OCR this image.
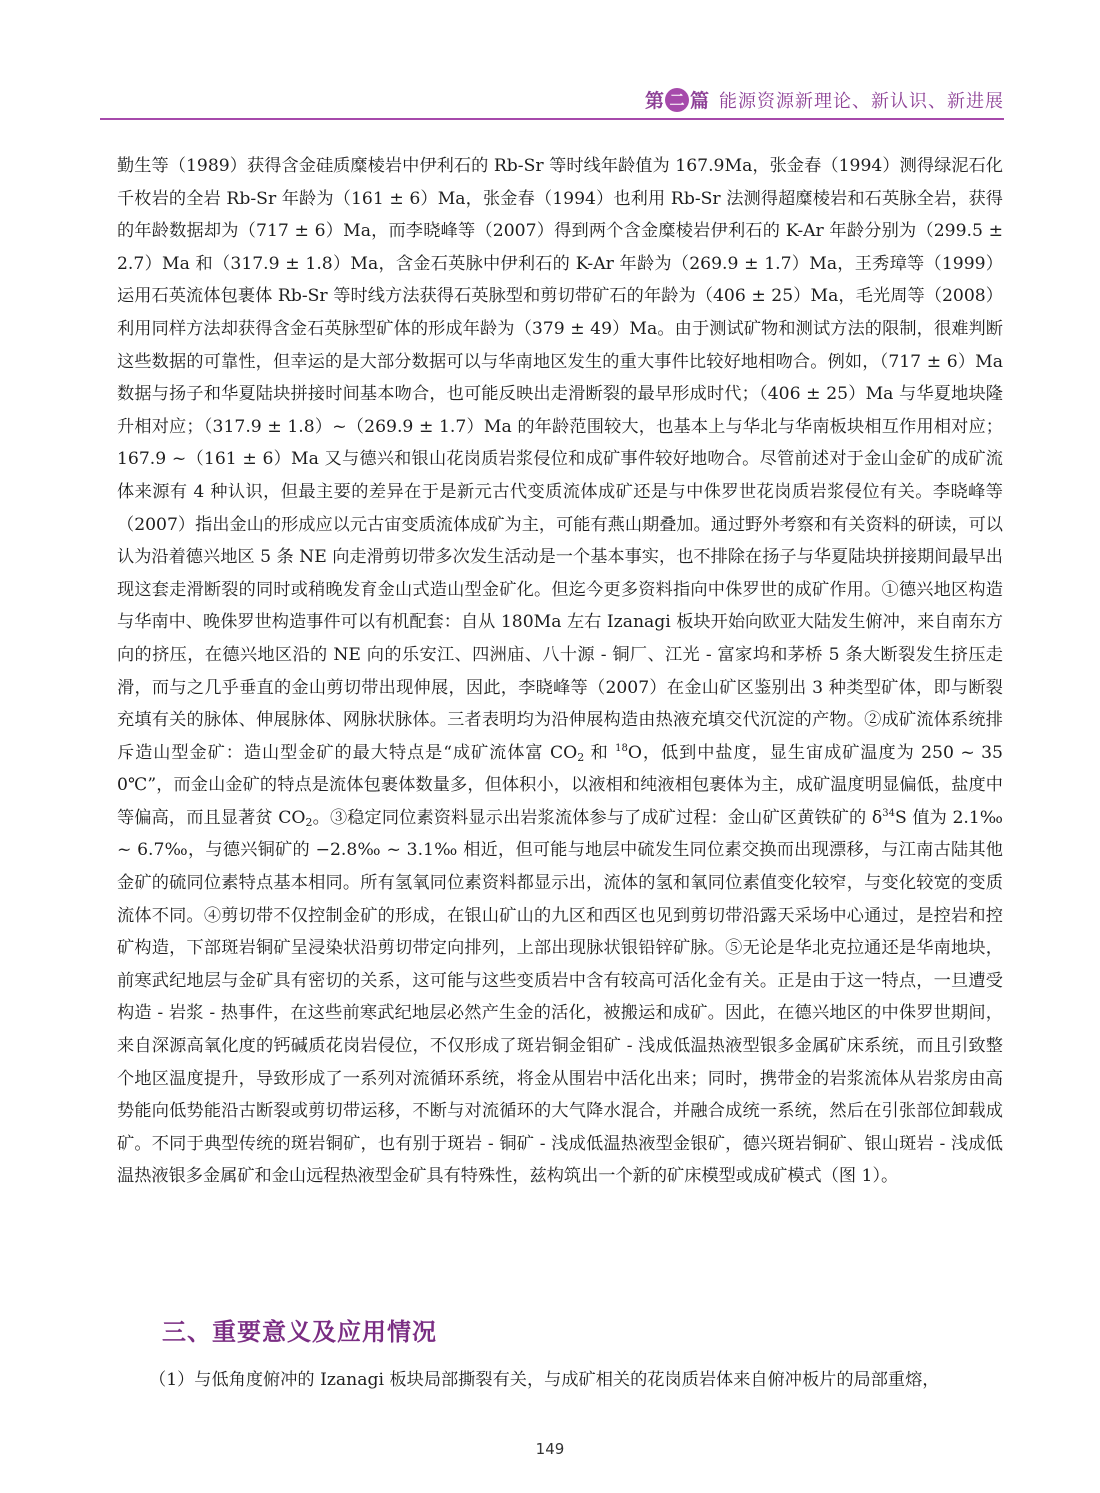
第 二 篇 能源资源新理论、新认识、新进展

勤生等（1989）获得含金硅质糜棱岩中伊利石的 Rb-Sr 等时线年龄值为 167.9Ma，张金春（1994）测得绿泥石化千枚岩的全岩 Rb-Sr 年龄为（161 ± 6）Ma，张金春（1994）也利用 Rb-Sr 法测得超糜棱岩和石英脉全岩，获得的年龄数据却为（717 ± 6）Ma，而李晓峰等（2007）得到两个含金糜棱岩伊利石的 K-Ar 年龄分别为（299.5 ± 2.7）Ma 和（317.9 ± 1.8）Ma，含金石英脉中伊利石的 K-Ar 年龄为（269.9 ± 1.7）Ma，王秀璋等（1999）运用石英流体包裹体 Rb-Sr 等时线方法获得石英脉型和剪切带矿石的年龄为（406 ± 25）Ma，毛光周等（2008）利用同样方法却获得含金石英脉型矿体的形成年龄为（379 ± 49）Ma。由于测试矿物和测试方法的限制，很难判断这些数据的可靠性，但幸运的是大部分数据可以与华南地区发生的重大事件比较好地相吻合。例如，（717 ± 6）Ma 数据与扬子和华夏陆块拼接时间基本吻合，也可能反映出走滑断裂的最早形成时代；（406 ± 25）Ma 与华夏地块隆升相对应；（317.9 ± 1.8）~（269.9 ± 1.7）Ma 的年龄范围较大，也基本上与华北与华南板块相互作用相对应；167.9 ~（161 ± 6）Ma 又与德兴和银山花岗质岩浆侵位和成矿事件较好地吻合。尽管前述对于金山金矿的成矿流体来源有 4 种认识，但最主要的差异在于是新元古代变质流体成矿还是与中侏罗世花岗质岩浆侵位有关。李晓峰等（2007）指出金山的形成应以元古宙变质流体成矿为主，可能有燕山期叠加。通过野外考察和有关资料的研读，可以认为沿着德兴地区 5 条 NE 向走滑剪切带多次发生活动是一个基本事实，也不排除在扬子与华夏陆块拼接期间最早出现这套走滑断裂的同时或稍晚发育金山式造山型金矿化。但迄今更多资料指向中侏罗世的成矿作用。①德兴地区构造与华南中、晚侏罗世构造事件可以有机配套：自从 180Ma 左右 Izanagi 板块开始向欧亚大陆发生俯冲，来自南东方向的挤压，在德兴地区沿的 NE 向的乐安江、四洲庙、八十源 - 铜厂、江光 - 富家坞和茅桥 5 条大断裂发生挤压走滑，而与之几乎垂直的金山剪切带出现伸展，因此，李晓峰等（2007）在金山矿区鉴别出 3 种类型矿体，即与断裂充填有关的脉体、伸展脉体、网脉状脉体。三者表明均为沿伸展构造由热液充填交代沉淀的产物。②成矿流体系统排斥造山型金矿：造山型金矿的最大特点是“成矿流体富 $CO_2$ 和 $^{18}$O，低到中盐度，显生宙成矿温度为 250 ~ 350℃”，而金山金矿的特点是流体包裹体数量多，但体积小，以液相和纯液相包裹体为主，成矿温度明显偏低，盐度中等偏高，而且显著贫 $CO_2$。③稳定同位素资料显示出岩浆流体参与了成矿过程：金山矿区黄铁矿的 $\delta^{34}S$ 值为 2.1‰ ~ 6.7‰，与德兴铜矿的 −2.8‰ ~ 3.1‰ 相近，但可能与地层中硫发生同位素交换而出现漂移，与江南古陆其他金矿的硫同位素特点基本相同。所有氢氧同位素资料都显示出，流体的氢和氧同位素值变化较窄，与变化较宽的变质流体不同。④剪切带不仅控制金矿的形成，在银山矿山的九区和西区也见到剪切带沿露天采场中心通过，是控岩和控矿构造，下部斑岩铜矿呈浸染状沿剪切带定向排列，上部出现脉状银铅锌矿脉。⑤无论是华北克拉通还是华南地块，前寒武纪地层与金矿具有密切的关系，这可能与这些变质岩中含有较高可活化金有关。正是由于这一特点，一旦遭受构造 - 岩浆 - 热事件，在这些前寒武纪地层必然产生金的活化，被搬运和成矿。因此，在德兴地区的中侏罗世期间，来自深源高氧化度的钙碱质花岗岩侵位，不仅形成了斑岩铜金钼矿 - 浅成低温热液型银多金属矿床系统，而且引致整个地区温度提升，导致形成了一系列对流循环系统，将金从围岩中活化出来；同时，携带金的岩浆流体从岩浆房由高势能向低势能沿古断裂或剪切带运移，不断与对流循环的大气降水混合，并融合成统一系统，然后在引张部位卸载成矿。不同于典型传统的斑岩铜矿，也有别于斑岩 - 铜矿 - 浅成低温热液型金银矿，德兴斑岩铜矿、银山斑岩 - 浅成低温热液银多金属矿和金山远程热液型金矿具有特殊性，兹构筑出一个新的矿床模型或成矿模式（图 1）。

三、重要意义及应用情况
（1）与低角度俯冲的 Izanagi 板块局部撕裂有关，与成矿相关的花岗质岩体来自俯冲板片的局部重熔，
149
